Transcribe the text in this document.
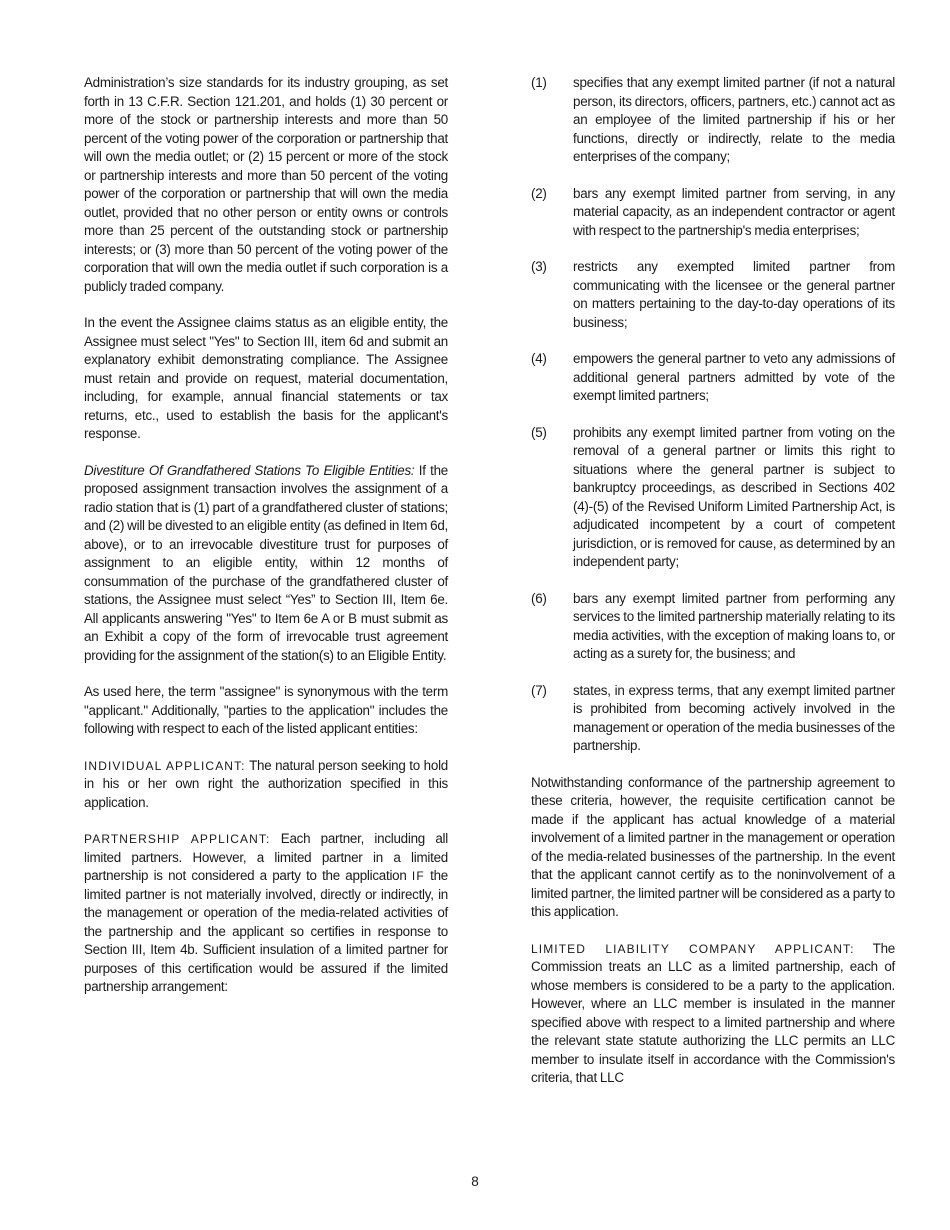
Administration’s size standards for its industry grouping, as set forth in 13 C.F.R. Section 121.201, and holds (1) 30 percent or more of the stock or partnership interests and more than 50 percent of the voting power of the corporation or partnership that will own the media outlet; or (2) 15 percent or more of the stock or partnership interests and more than 50 percent of the voting power of the corporation or partnership that will own the media outlet, provided that no other person or entity owns or controls more than 25 percent of the outstanding stock or partnership interests; or (3) more than 50 percent of the voting power of the corporation that will own the media outlet if such corporation is a publicly traded company.

In the event the Assignee claims status as an eligible entity, the Assignee must select "Yes" to Section III, item 6d and submit an explanatory exhibit demonstrating compliance. The Assignee must retain and provide on request, material documentation, including, for example, annual financial statements or tax returns, etc., used to establish the basis for the applicant's response.

Divestiture Of Grandfathered Stations To Eligible Entities: If the proposed assignment transaction involves the assignment of a radio station that is (1) part of a grandfathered cluster of stations; and (2) will be divested to an eligible entity (as defined in Item 6d, above), or to an irrevocable divestiture trust for purposes of assignment to an eligible entity, within 12 months of consummation of the purchase of the grandfathered cluster of stations, the Assignee must select “Yes” to Section III, Item 6e. All applicants answering "Yes" to Item 6e A or B must submit as an Exhibit a copy of the form of irrevocable trust agreement providing for the assignment of the station(s) to an Eligible Entity.

As used here, the term "assignee" is synonymous with the term "applicant." Additionally, "parties to the application" includes the following with respect to each of the listed applicant entities:

INDIVIDUAL APPLICANT: The natural person seeking to hold in his or her own right the authorization specified in this application.

PARTNERSHIP APPLICANT: Each partner, including all limited partners. However, a limited partner in a limited partnership is not considered a party to the application IF the limited partner is not materially involved, directly or indirectly, in the management or operation of the media-related activities of the partnership and the applicant so certifies in response to Section III, Item 4b. Sufficient insulation of a limited partner for purposes of this certification would be assured if the limited partnership arrangement:

(1)	specifies that any exempt limited partner (if not a natural person, its directors, officers, partners, etc.) cannot act as an employee of the limited partnership if his or her functions, directly or indirectly, relate to the media enterprises of the company;
(2)	bars any exempt limited partner from serving, in any material capacity, as an independent contractor or agent with respect to the partnership's media enterprises;
(3)	restricts any exempted limited partner from communicating with the licensee or the general partner on matters pertaining to the day-to-day operations of its business;
(4)	empowers the general partner to veto any admissions of additional general partners admitted by vote of the exempt limited partners;
(5)	prohibits any exempt limited partner from voting on the removal of a general partner or limits this right to situations where the general partner is subject to bankruptcy proceedings, as described in Sections 402 (4)-(5) of the Revised Uniform Limited Partnership Act, is adjudicated incompetent by a court of competent jurisdiction, or is removed for cause, as determined by an independent party;
(6)	bars any exempt limited partner from performing any services to the limited partnership materially relating to its media activities, with the exception of making loans to, or acting as a surety for, the business; and
(7)	states, in express terms, that any exempt limited partner is prohibited from becoming actively involved in the management or operation of the media businesses of the partnership.

Notwithstanding conformance of the partnership agreement to these criteria, however, the requisite certification cannot be made if the applicant has actual knowledge of a material involvement of a limited partner in the management or operation of the media-related businesses of the partnership. In the event that the applicant cannot certify as to the noninvolvement of a limited partner, the limited partner will be considered as a party to this application.

LIMITED LIABILITY COMPANY APPLICANT: The Commission treats an LLC as a limited partnership, each of whose members is considered to be a party to the application. However, where an LLC member is insulated in the manner specified above with respect to a limited partnership and where the relevant state statute authorizing the LLC permits an LLC member to insulate itself in accordance with the Commission's criteria, that LLC

8
